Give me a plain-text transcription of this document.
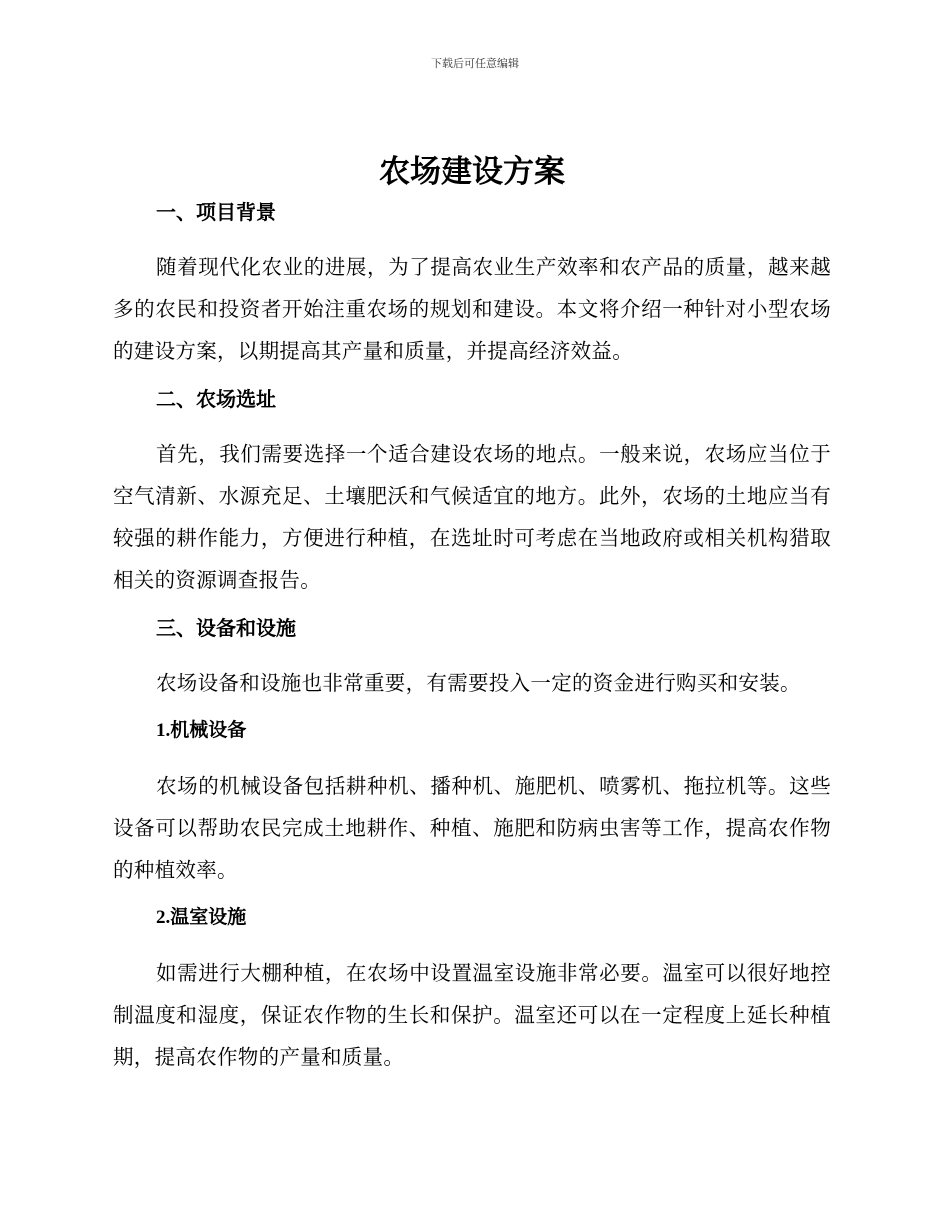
下载后可任意编辑
农场建设方案
一、项目背景

随着现代化农业的进展，为了提高农业生产效率和农产品的质量，越来越多的农民和投资者开始注重农场的规划和建设。本文将介绍一种针对小型农场的建设方案，以期提高其产量和质量，并提高经济效益。

二、农场选址

首先，我们需要选择一个适合建设农场的地点。一般来说，农场应当位于空气清新、水源充足、土壤肥沃和气候适宜的地方。此外，农场的土地应当有较强的耕作能力，方便进行种植，在选址时可考虑在当地政府或相关机构猎取相关的资源调查报告。

三、设备和设施

农场设备和设施也非常重要，有需要投入一定的资金进行购买和安装。

1.机械设备

农场的机械设备包括耕种机、播种机、施肥机、喷雾机、拖拉机等。这些设备可以帮助农民完成土地耕作、种植、施肥和防病虫害等工作，提高农作物的种植效率。

2.温室设施

如需进行大棚种植，在农场中设置温室设施非常必要。温室可以很好地控制温度和湿度，保证农作物的生长和保护。温室还可以在一定程度上延长种植期，提高农作物的产量和质量。
